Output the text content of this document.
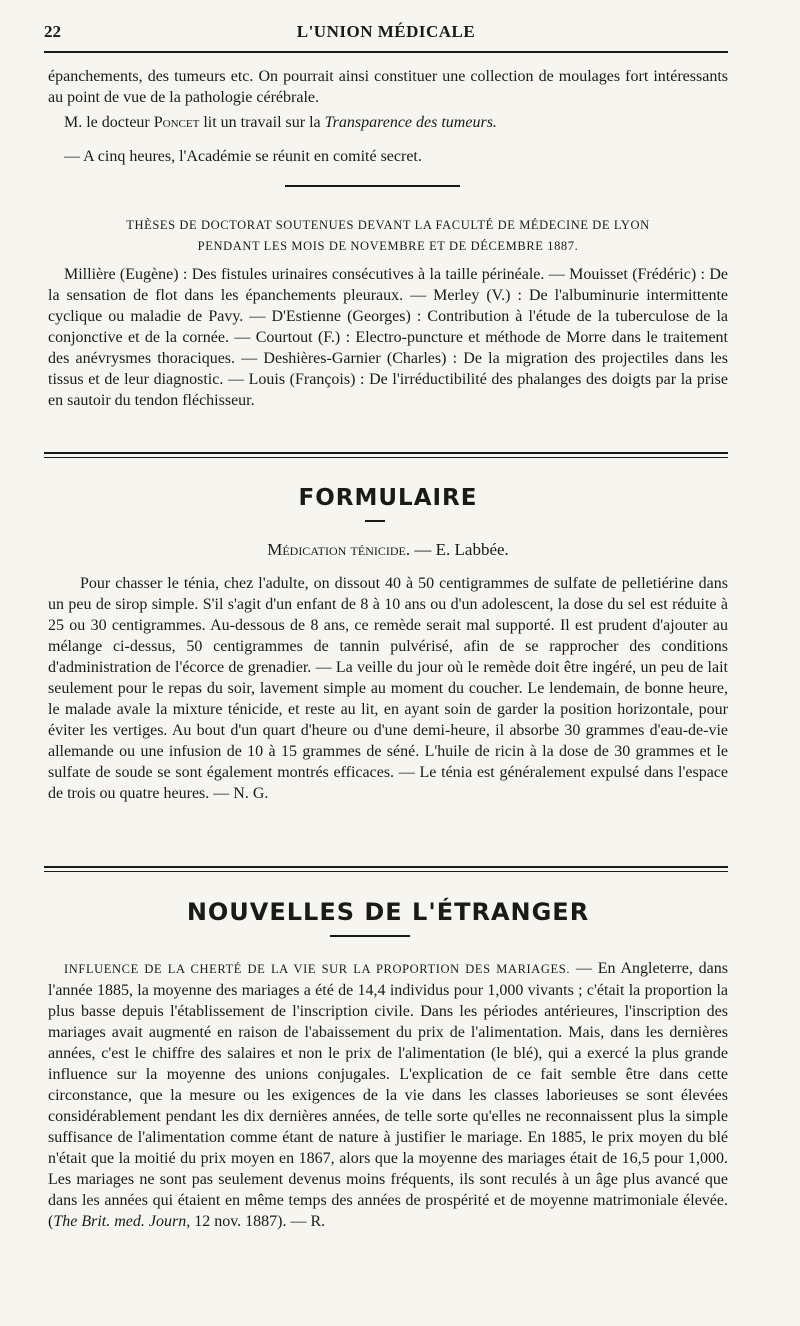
22	L'UNION MÉDICALE
épanchements, des tumeurs etc. On pourrait ainsi constituer une collection de moulages fort intéressants au point de vue de la pathologie cérébrale.
M. le docteur Poncet lit un travail sur la Transparence des tumeurs.
— A cinq heures, l'Académie se réunit en comité secret.
THÈSES DE DOCTORAT SOUTENUES DEVANT LA FACULTÉ DE MÉDECINE DE LYON
PENDANT LES MOIS DE NOVEMBRE ET DE DÉCEMBRE 1887.
Millière (Eugène) : Des fistules urinaires consécutives à la taille périnéale. — Mouisset (Frédéric) : De la sensation de flot dans les épanchements pleuraux. — Merley (V.) : De l'albuminurie intermittente cyclique ou maladie de Pavy. — D'Estienne (Georges) : Contribution à l'étude de la tuberculose de la conjonctive et de la cornée. — Courtout (F.) : Electro-puncture et méthode de Morre dans le traitement des anévrysmes thoraciques. — Deshières-Garnier (Charles) : De la migration des projectiles dans les tissus et de leur diagnostic. — Louis (François) : De l'irréductibilité des phalanges des doigts par la prise en sautoir du tendon fléchisseur.
FORMULAIRE
Médication ténicide. — E. Labbée.
Pour chasser le ténia, chez l'adulte, on dissout 40 à 50 centigrammes de sulfate de pelletiérine dans un peu de sirop simple. S'il s'agit d'un enfant de 8 à 10 ans ou d'un adolescent, la dose du sel est réduite à 25 ou 30 centigrammes. Au-dessous de 8 ans, ce remède serait mal supporté. Il est prudent d'ajouter au mélange ci-dessus, 50 centigrammes de tannin pulvérisé, afin de se rapprocher des conditions d'administration de l'écorce de grenadier. — La veille du jour où le remède doit être ingéré, un peu de lait seulement pour le repas du soir, lavement simple au moment du coucher. Le lendemain, de bonne heure, le malade avale la mixture ténicide, et reste au lit, en ayant soin de garder la position horizontale, pour éviter les vertiges. Au bout d'un quart d'heure ou d'une demi-heure, il absorbe 30 grammes d'eau-de-vie allemande ou une infusion de 10 à 15 grammes de séné. L'huile de ricin à la dose de 30 grammes et le sulfate de soude se sont également montrés efficaces. — Le ténia est généralement expulsé dans l'espace de trois ou quatre heures. — N. G.
NOUVELLES DE L'ÉTRANGER
INFLUENCE DE LA CHERTÉ DE LA VIE SUR LA PROPORTION DES MARIAGES. — En Angleterre, dans l'année 1885, la moyenne des mariages a été de 14,4 individus pour 1,000 vivants ; c'était la proportion la plus basse depuis l'établissement de l'inscription civile. Dans les périodes antérieures, l'inscription des mariages avait augmenté en raison de l'abaissement du prix de l'alimentation. Mais, dans les dernières années, c'est le chiffre des salaires et non le prix de l'alimentation (le blé), qui a exercé la plus grande influence sur la moyenne des unions conjugales. L'explication de ce fait semble être dans cette circonstance, que la mesure ou les exigences de la vie dans les classes laborieuses se sont élevées considérablement pendant les dix dernières années, de telle sorte qu'elles ne reconnaissent plus la simple suffisance de l'alimentation comme étant de nature à justifier le mariage. En 1885, le prix moyen du blé n'était que la moitié du prix moyen en 1867, alors que la moyenne des mariages était de 16,5 pour 1,000. Les mariages ne sont pas seulement devenus moins fréquents, ils sont reculés à un âge plus avancé que dans les années qui étaient en même temps des années de prospérité et de moyenne matrimoniale élevée. (The Brit. med. Journ, 12 nov. 1887). — R.
